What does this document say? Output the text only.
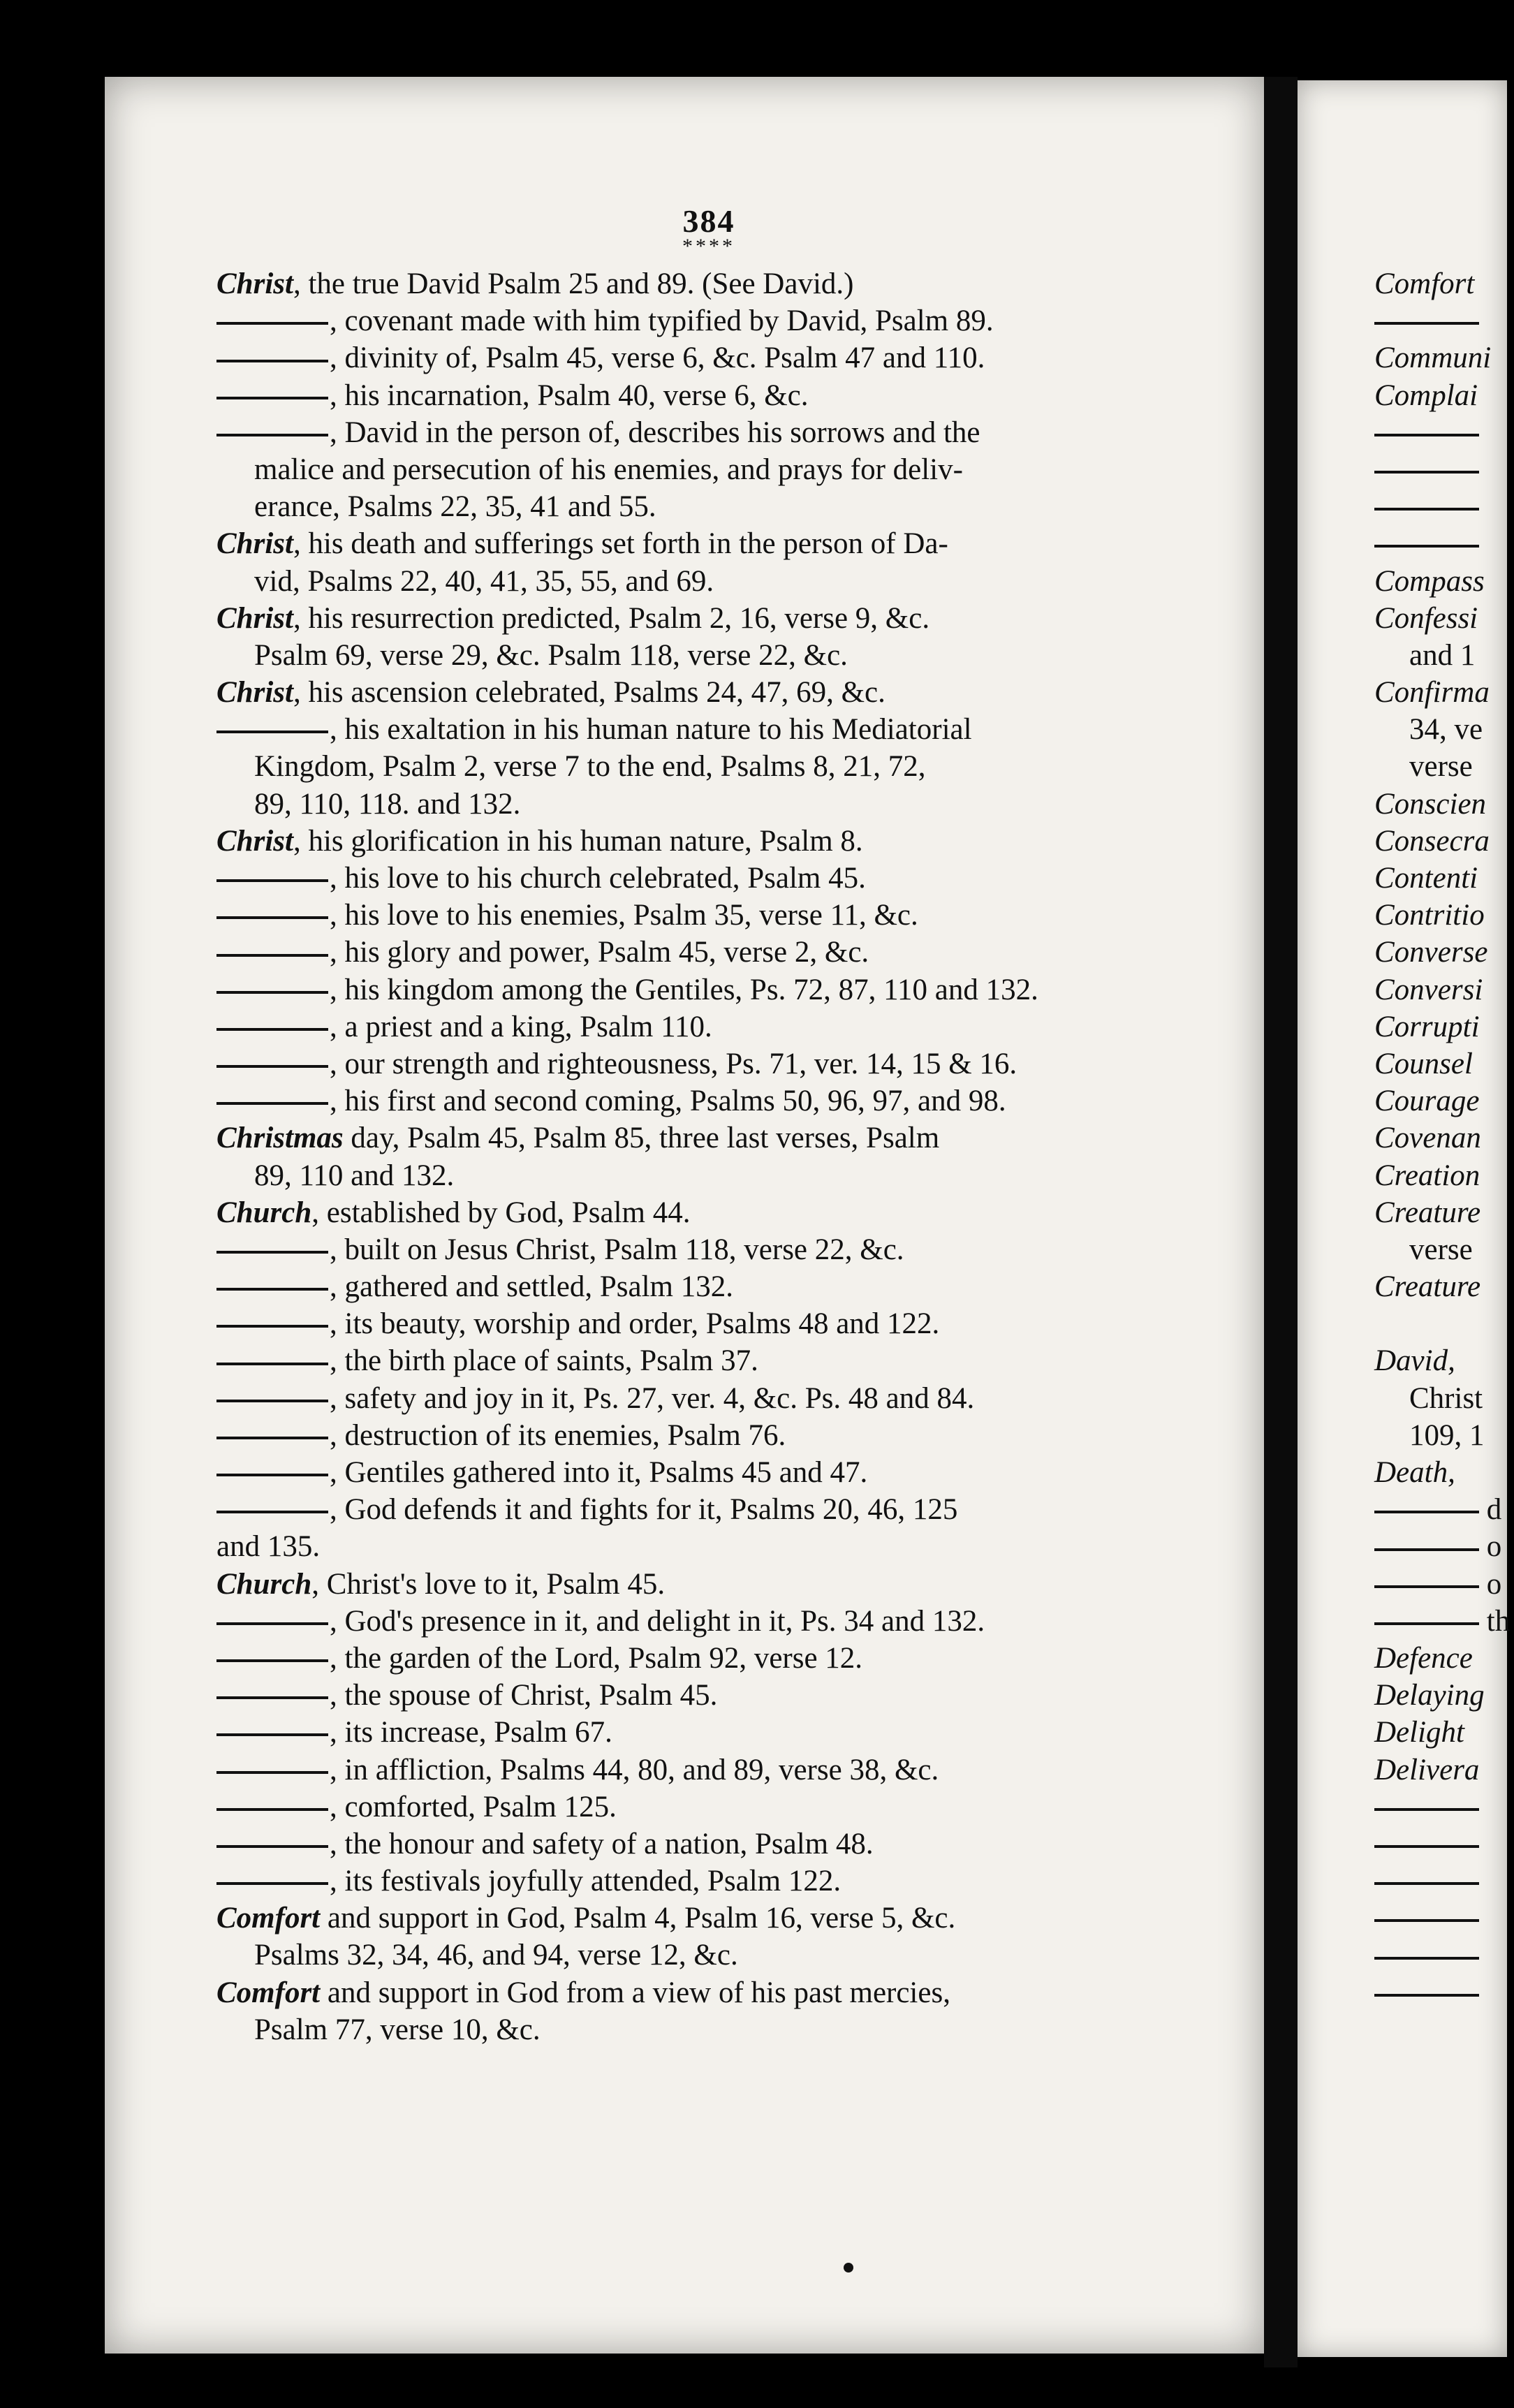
384
****
Christ, the true David Psalm 25 and 89. (See David.)
, covenant made with him typified by David, Psalm 89.
, divinity of, Psalm 45, verse 6, &c. Psalm 47 and 110.
, his incarnation, Psalm 40, verse 6, &c.
, David in the person of, describes his sorrows and the
malice and persecution of his enemies, and prays for deliv-
erance, Psalms 22, 35, 41 and 55.
Christ, his death and sufferings set forth in the person of Da-
vid, Psalms 22, 40, 41, 35, 55, and 69.
Christ, his resurrection predicted, Psalm 2, 16, verse 9, &c.
Psalm 69, verse 29, &c. Psalm 118, verse 22, &c.
Christ, his ascension celebrated, Psalms 24, 47, 69, &c.
, his exaltation in his human nature to his Mediatorial
Kingdom, Psalm 2, verse 7 to the end, Psalms 8, 21, 72,
89, 110, 118. and 132.
Christ, his glorification in his human nature, Psalm 8.
, his love to his church celebrated, Psalm 45.
, his love to his enemies, Psalm 35, verse 11, &c.
, his glory and power, Psalm 45, verse 2, &c.
, his kingdom among the Gentiles, Ps. 72, 87, 110 and 132.
, a priest and a king, Psalm 110.
, our strength and righteousness, Ps. 71, ver. 14, 15 & 16.
, his first and second coming, Psalms 50, 96, 97, and 98.
Christmas day, Psalm 45, Psalm 85, three last verses, Psalm
89, 110 and 132.
Church, established by God, Psalm 44.
, built on Jesus Christ, Psalm 118, verse 22, &c.
, gathered and settled, Psalm 132.
, its beauty, worship and order, Psalms 48 and 122.
, the birth place of saints, Psalm 37.
, safety and joy in it, Ps. 27, ver. 4, &c. Ps. 48 and 84.
, destruction of its enemies, Psalm 76.
, Gentiles gathered into it, Psalms 45 and 47.
, God defends it and fights for it, Psalms 20, 46, 125
and 135.
Church, Christ's love to it, Psalm 45.
, God's presence in it, and delight in it, Ps. 34 and 132.
, the garden of the Lord, Psalm 92, verse 12.
, the spouse of Christ, Psalm 45.
, its increase, Psalm 67.
, in affliction, Psalms 44, 80, and 89, verse 38, &c.
, comforted, Psalm 125.
, the honour and safety of a nation, Psalm 48.
, its festivals joyfully attended, Psalm 122.
Comfort and support in God, Psalm 4, Psalm 16, verse 5, &c.
Psalms 32, 34, 46, and 94, verse 12, &c.
Comfort and support in God from a view of his past mercies,
Psalm 77, verse 10, &c.
Comfort
Communi
Complai
Compass
Confessi
and 1
Confirma
34, ve
verse
Conscien
Consecra
Contenti
Contritio
Converse
Conversi
Corrupti
Counsel
Courage
Covenan
Creation
Creature
verse
Creature
David,
Christ
109, 1
Death,
d
o
o
th
Defence
Delaying
Delight
Delivera
